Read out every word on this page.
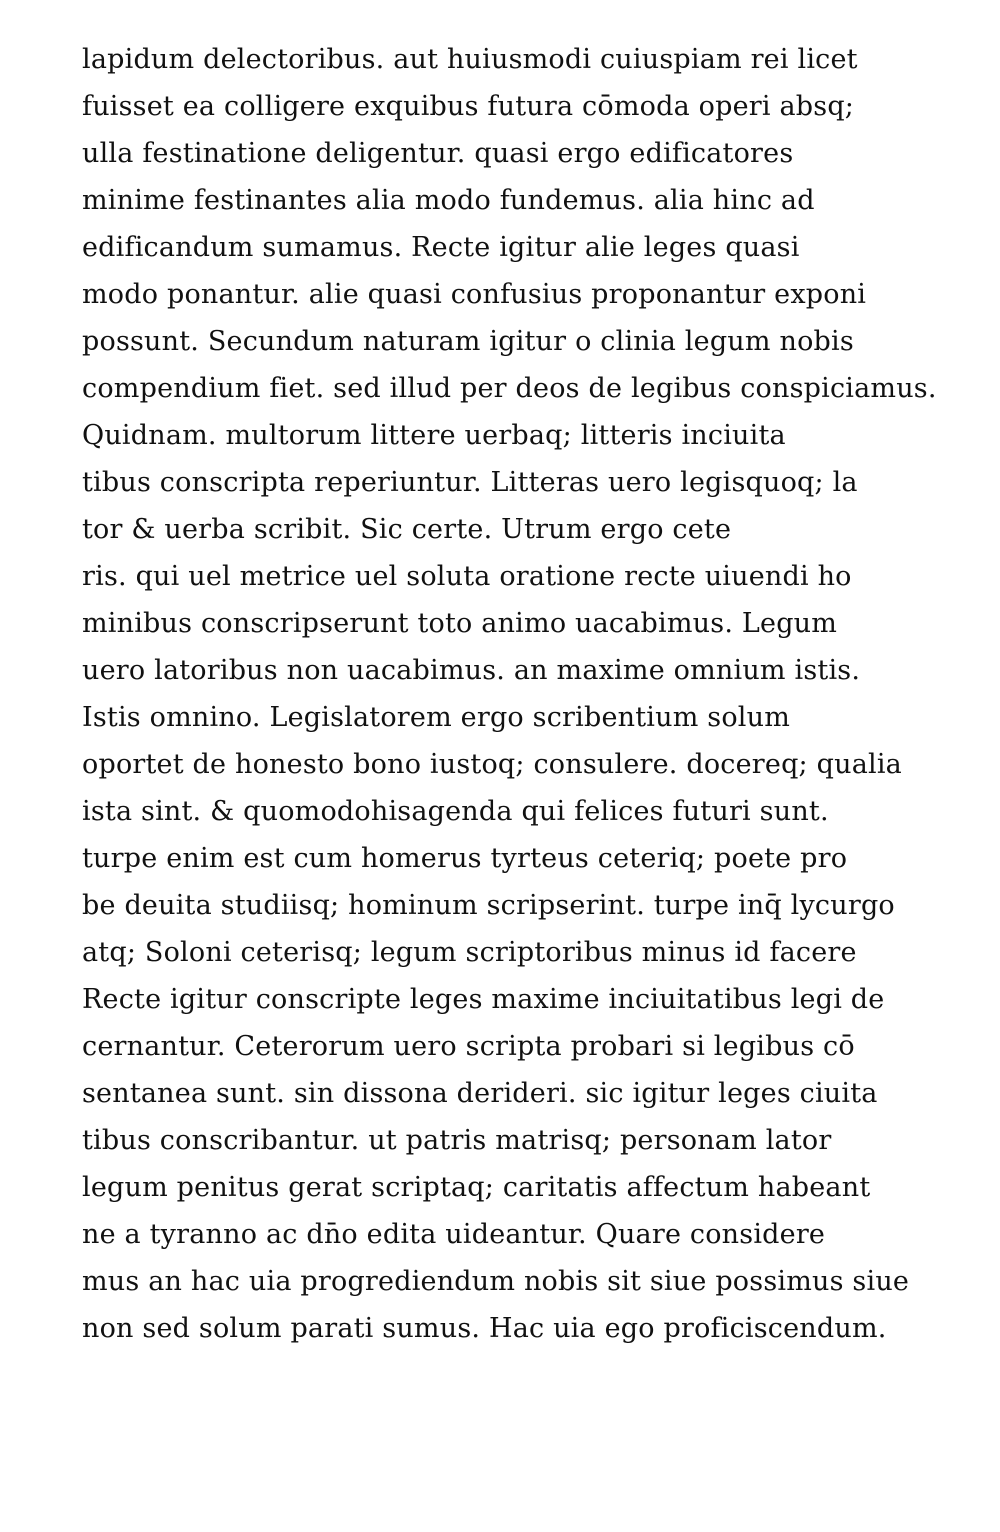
lapidum delectoribus. aut huiusmodi cuiuspiam rei licet
fuisset ea colligere exquibus futura cōmoda operi absq;
ulla festinatione deligentur. quasi ergo edificatores
minime festinantes alia modo fundemus. alia hinc ad
edificandum sumamus. Recte igitur alie leges quasi
modo ponantur. alie quasi confusius proponantur exponi
possunt. Secundum naturam igitur o clinia legum nobis
compendium fiet. sed illud per deos de legibus conspiciamus.
Quidnam. multorum littere uerbaq; litteris inciuita
tibus conscripta reperiuntur. Litteras uero legisquoq; la
tor & uerba scribit. Sic certe. Utrum ergo cete
ris. qui uel metrice uel soluta oratione recte uiuendi ho
minibus conscripserunt toto animo uacabimus. Legum
uero latoribus non uacabimus. an maxime omnium istis.
Istis omnino. Legislatorem ergo scribentium solum
oportet de honesto bono iustoq; consulere. docereq; qualia
ista sint. & quomodohisagenda qui felices futuri sunt.
turpe enim est cum homerus tyrteus ceteriq; poete pro
be deuita studiisq; hominum scripserint. turpe inq̄ lycurgo
atq; Soloni ceterisq; legum scriptoribus minus id facere
Recte igitur conscripte leges maxime inciuitatibus legi de
cernantur. Ceterorum uero scripta probari si legibus cō
sentanea sunt. sin dissona derideri. sic igitur leges ciuita
tibus conscribantur. ut patris matrisq; personam lator
legum penitus gerat scriptaq; caritatis affectum habeant
ne a tyranno ac dn̄o edita uideantur. Quare considere
mus an hac uia progrediendum nobis sit siue possimus siue
non sed solum parati sumus. Hac uia ego proficiscendum.
